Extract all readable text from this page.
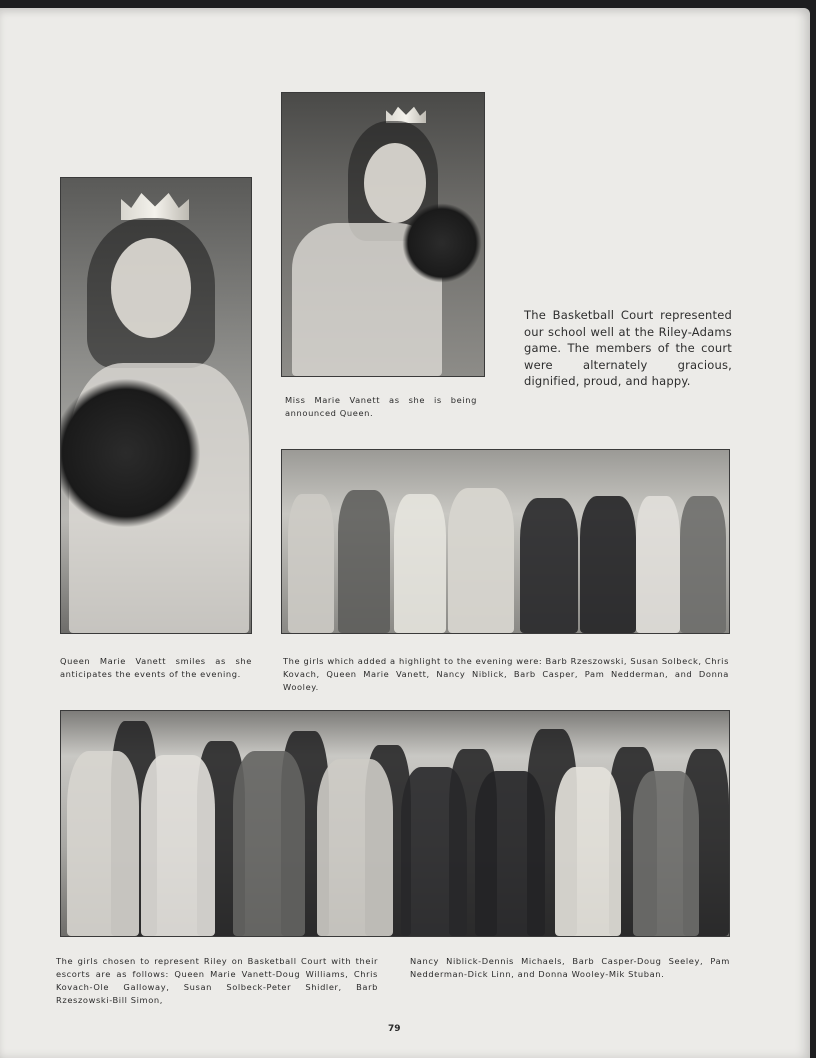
Queen Marie Vanett smiles as she anticipates the events of the evening.
Miss Marie Vanett as she is being announced Queen.
The Basketball Court represented our school well at the Riley-Adams game. The members of the court were alternately gracious, dignified, proud, and happy.
The girls which added a highlight to the evening were: Barb Rzeszowski, Susan Solbeck, Chris Kovach, Queen Marie Vanett, Nancy Niblick, Barb Casper, Pam Nedderman, and Donna Wooley.
The girls chosen to represent Riley on Basketball Court with their escorts are as follows: Queen Marie Vanett-Doug Williams, Chris Kovach-Ole Galloway, Susan Solbeck-Peter Shidler, Barb Rzeszowski-Bill Simon,
Nancy Niblick-Dennis Michaels, Barb Casper-Doug Seeley, Pam Nedderman-Dick Linn, and Donna Wooley-Mik Stuban.
79
